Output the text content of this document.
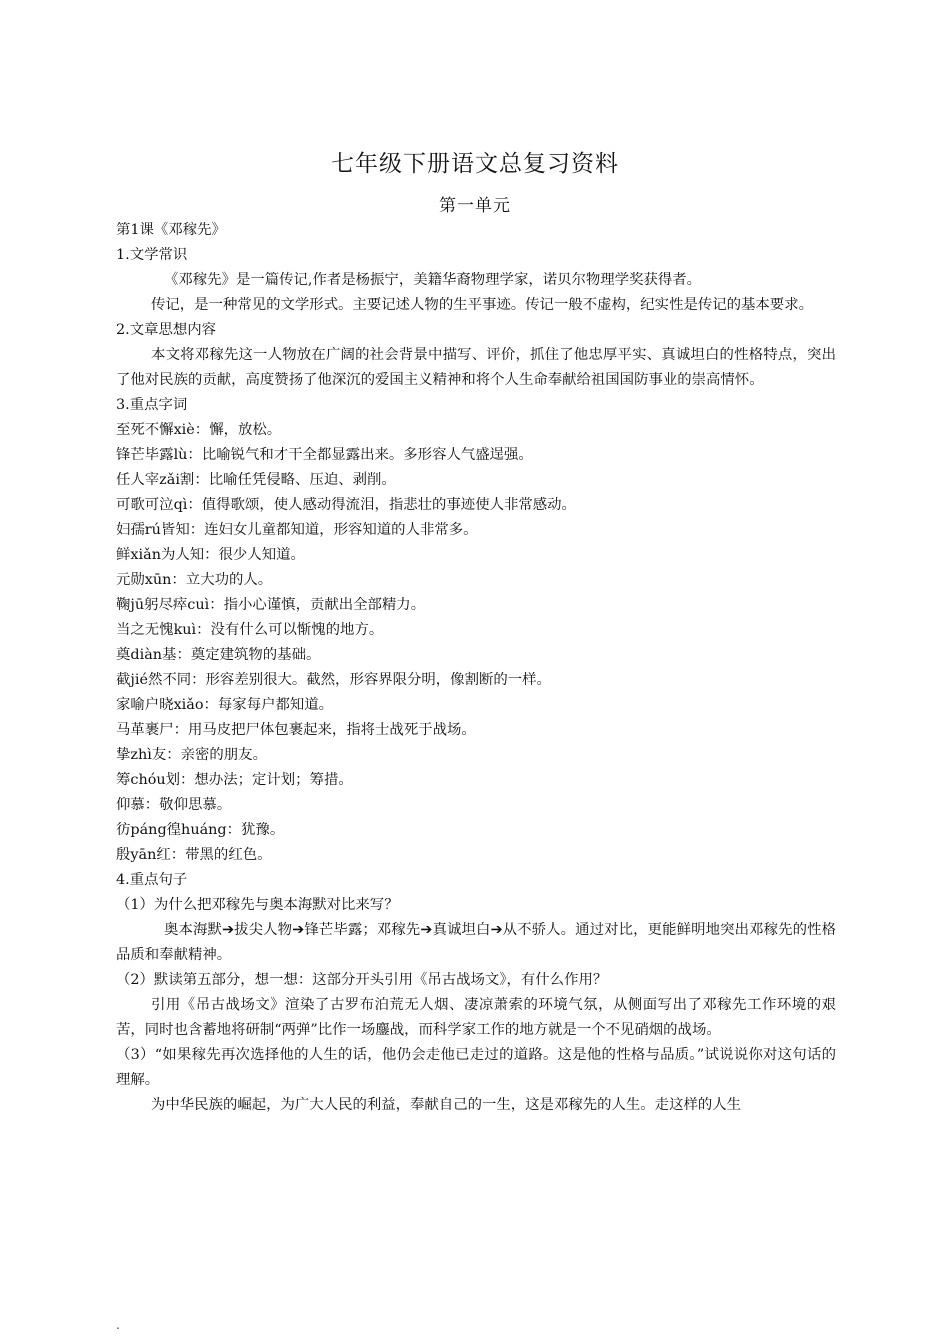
七年级下册语文总复习资料
第一单元
第1课《邓稼先》
1.文学常识
《邓稼先》是一篇传记,作者是杨振宁，美籍华裔物理学家，诺贝尔物理学奖获得者。
传记，是一种常见的文学形式。主要记述人物的生平事迹。传记一般不虚构，纪实性是传记的基本要求。
2.文章思想内容
本文将邓稼先这一人物放在广阔的社会背景中描写、评价，抓住了他忠厚平实、真诚坦白的性格特点，突出了他对民族的贡献，高度赞扬了他深沉的爱国主义精神和将个人生命奉献给祖国国防事业的崇高情怀。
3.重点字词
至死不懈xiè：懈，放松。
锋芒毕露lù：比喻锐气和才干全都显露出来。多形容人气盛逞强。
任人宰zǎi割：比喻任凭侵略、压迫、剥削。
可歌可泣qì：值得歌颂，使人感动得流泪，指悲壮的事迹使人非常感动。
妇孺rú皆知：连妇女儿童都知道，形容知道的人非常多。
鲜xiǎn为人知：很少人知道。
元勋xūn：立大功的人。
鞠jū躬尽瘁cuì：指小心谨慎，贡献出全部精力。
当之无愧kuì：没有什么可以惭愧的地方。
奠diàn基：奠定建筑物的基础。
截jié然不同：形容差别很大。截然，形容界限分明，像割断的一样。
家喻户晓xiǎo：每家每户都知道。
马革裹尸：用马皮把尸体包裹起来，指将士战死于战场。
挚zhì友：亲密的朋友。
筹chóu划：想办法；定计划；筹措。
仰慕：敬仰思慕。
彷páng徨huáng：犹豫。
殷yān红：带黑的红色。
4.重点句子
（1）为什么把邓稼先与奥本海默对比来写？
奥本海默➔拔尖人物➔锋芒毕露；邓稼先➔真诚坦白➔从不骄人。通过对比，更能鲜明地突出邓稼先的性格品质和奉献精神。
（2）默读第五部分，想一想：这部分开头引用《吊古战场文》，有什么作用？
引用《吊古战场文》渲染了古罗布泊荒无人烟、凄凉萧索的环境气氛，从侧面写出了邓稼先工作环境的艰苦，同时也含蓄地将研制“两弹”比作一场鏖战，而科学家工作的地方就是一个不见硝烟的战场。
（3）“如果稼先再次选择他的人生的话，他仍会走他已走过的道路。这是他的性格与品质。”试说说你对这句话的理解。
为中华民族的崛起，为广大人民的利益，奉献自己的一生，这是邓稼先的人生。走这样的人生
.
